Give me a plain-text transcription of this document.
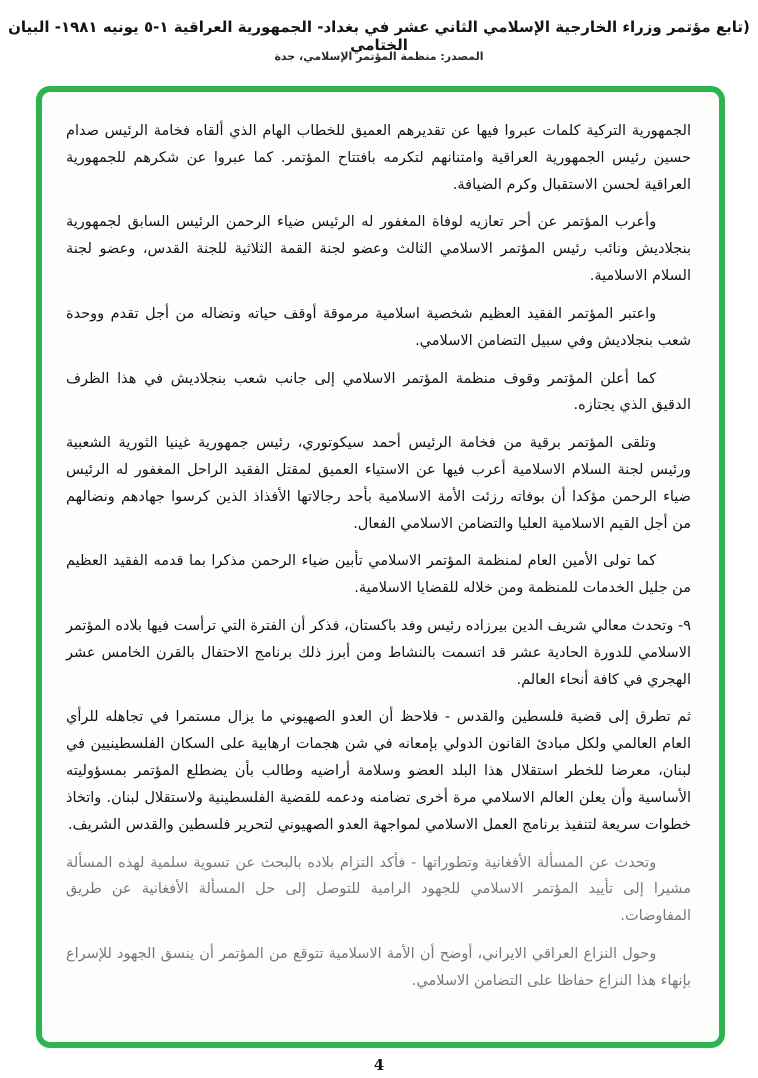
(تابع مؤتمر وزراء الخارجية الإسلامي الثاني عشر في بغداد- الجمهورية العراقية ١-٥ يونيه ١٩٨١- البيان الختامي
المصدر: منظمة المؤتمر الإسلامي، جدة

الجمهورية التركية كلمات عبروا فيها عن تقديرهم العميق للخطاب الهام الذي ألقاه فخامة الرئيس صدام حسين رئيس الجمهورية العراقية وامتنانهم لتكرمه بافتتاح المؤتمر. كما عبروا عن شكرهم للجمهورية العراقية لحسن الاستقبال وكرم الضيافة.

وأعرب المؤتمر عن أحر تعازيه لوفاة المغفور له الرئيس ضياء الرحمن الرئيس السابق لجمهورية بنجلاديش ونائب رئيس المؤتمر الاسلامي الثالث وعضو لجنة القمة الثلاثية للجنة القدس، وعضو لجنة السلام الاسلامية.

واعتبر المؤتمر الفقيد العظيم شخصية اسلامية مرموقة أوقف حياته ونضاله من أجل تقدم ووحدة شعب بنجلاديش وفي سبيل التضامن الاسلامي.

كما أعلن المؤتمر وقوف منظمة المؤتمر الاسلامي إلى جانب شعب بنجلاديش في هذا الظرف الدقيق الذي يجتازه.

وتلقى المؤتمر برقية من فخامة الرئيس أحمد سيكوتوري، رئيس جمهورية غينيا الثورية الشعبية ورئيس لجنة السلام الاسلامية أعرب فيها عن الاستياء العميق لمقتل الفقيد الراحل المغفور له الرئيس ضياء الرحمن مؤكدا أن بوفاته رزئت الأمة الاسلامية بأحد رجالاتها الأفذاذ الذين كرسوا جهادهم ونضالهم من أجل القيم الاسلامية العليا والتضامن الاسلامي الفعال.

كما تولى الأمين العام لمنظمة المؤتمر الاسلامي تأبين ضياء الرحمن مذكرا بما قدمه الفقيد العظيم من جليل الخدمات للمنظمة ومن خلاله للقضايا الاسلامية.

٩- وتحدث معالي شريف الدين بيرزاده رئيس وفد باكستان، فذكر أن الفترة التي ترأست فيها بلاده المؤتمر الاسلامي للدورة الحادية عشر قد اتسمت بالنشاط ومن أبرز ذلك برنامج الاحتفال بالقرن الخامس عشر الهجري في كافة أنحاء العالم.

ثم تطرق إلى قضية فلسطين والقدس - فلاحظ أن العدو الصهيوني ما يزال مستمرا في تجاهله للرأي العام العالمي ولكل مبادئ القانون الدولي بإمعانه في شن هجمات ارهابية على السكان الفلسطينيين في لبنان، معرضا للخطر استقلال هذا البلد العضو وسلامة أراضيه وطالب بأن يضطلع المؤتمر بمسؤوليته الأساسية وأن يعلن العالم الاسلامي مرة أخرى تضامنه ودعمه للقضية الفلسطينية ولاستقلال لبنان. واتخاذ خطوات سريعة لتنفيذ برنامج العمل الاسلامي لمواجهة العدو الصهيوني لتحرير فلسطين والقدس الشريف.

وتحدث عن المسألة الأفغانية وتطوراتها - فأكد التزام بلاده بالبحث عن تسوية سلمية لهذه المسألة مشيرا إلى تأييد المؤتمر الاسلامي للجهود الرامية للتوصل إلى حل المسألة الأفغانية عن طريق المفاوضات.

وحول النزاع العراقي الايراني، أوضح أن الأمة الاسلامية تتوقع من المؤتمر أن ينسق الجهود للإسراع بإنهاء هذا النزاع حفاظا على التضامن الاسلامي.

4
